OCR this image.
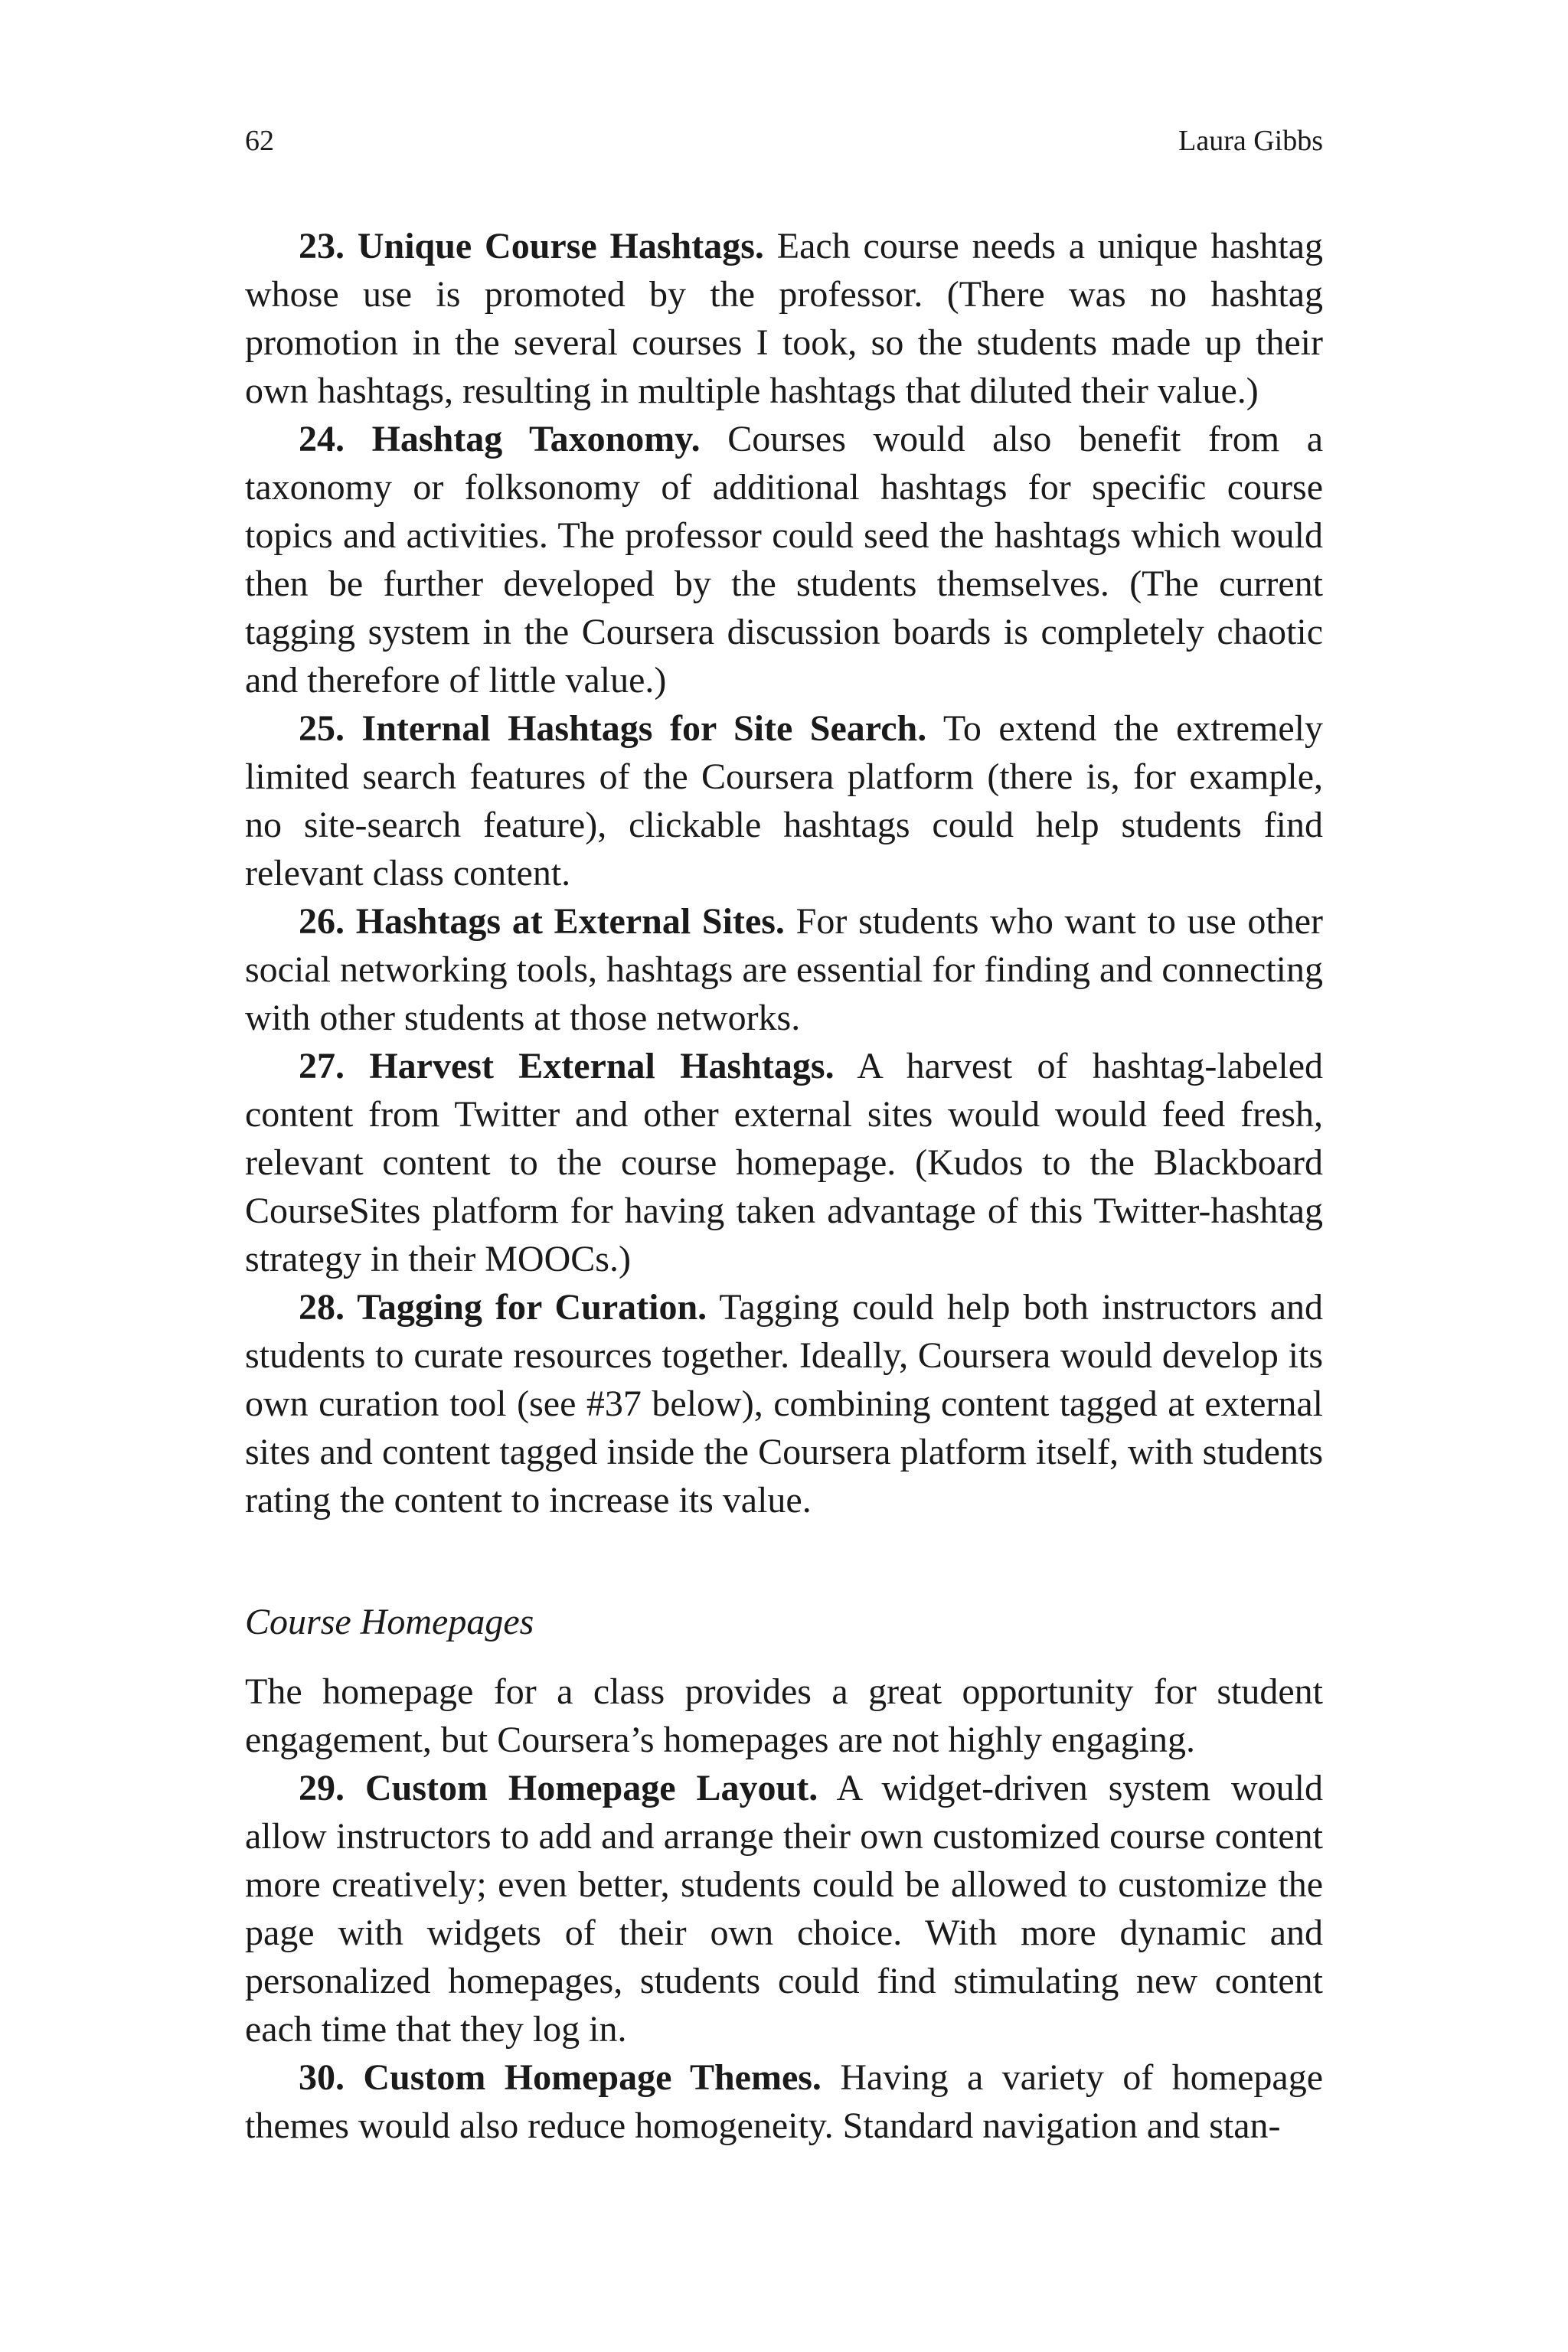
62	Laura Gibbs

23. Unique Course Hashtags. Each course needs a unique hashtag whose use is promoted by the professor. (There was no hashtag promotion in the several courses I took, so the students made up their own hashtags, resulting in multiple hashtags that diluted their value.)

24. Hashtag Taxonomy. Courses would also benefit from a taxonomy or folksonomy of additional hashtags for specific course topics and activities. The professor could seed the hashtags which would then be further developed by the students themselves. (The current tagging system in the Coursera discussion boards is completely chaotic and therefore of little value.)

25. Internal Hashtags for Site Search. To extend the extremely limited search features of the Coursera platform (there is, for example, no site-search feature), clickable hashtags could help students find relevant class content.

26. Hashtags at External Sites. For students who want to use other social networking tools, hashtags are essential for finding and connecting with other students at those networks.

27. Harvest External Hashtags. A harvest of hashtag-labeled content from Twitter and other external sites would would feed fresh, relevant content to the course homepage. (Kudos to the Blackboard CourseSites platform for having taken advantage of this Twitter-hashtag strategy in their MOOCs.)

28. Tagging for Curation. Tagging could help both instructors and students to curate resources together. Ideally, Coursera would develop its own curation tool (see #37 below), combining content tagged at external sites and content tagged inside the Coursera platform itself, with students rating the content to increase its value.

Course Homepages

The homepage for a class provides a great opportunity for student engagement, but Coursera’s homepages are not highly engaging.

29. Custom Homepage Layout. A widget-driven system would allow instructors to add and arrange their own customized course content more creatively; even better, students could be allowed to customize the page with widgets of their own choice. With more dynamic and personalized homepages, students could find stimulating new content each time that they log in.

30. Custom Homepage Themes. Having a variety of homepage themes would also reduce homogeneity. Standard navigation and stan-
